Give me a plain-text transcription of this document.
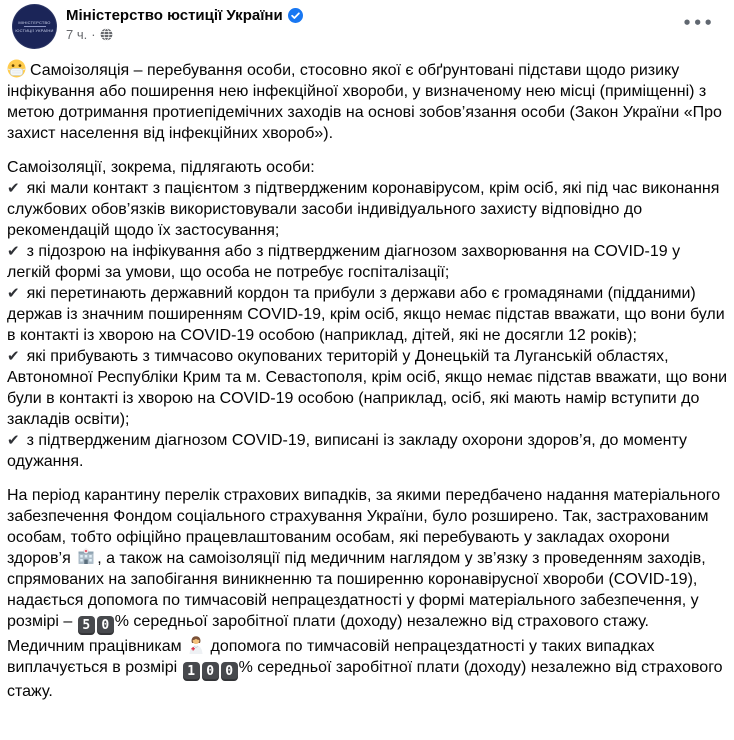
МІНІСТЕРСТВО
ЮСТИЦІЇ УКРАЇНИ
Міністерство юстиції України
7 ч. ·
•••

Самоізоляція – перебування особи, стосовно якої є обґрунтовані підстави щодо ризику інфікування або поширення нею інфекційної хвороби, у визначеному нею місці (приміщенні) з метою дотримання протиепідемічних заходів на основі зобов’язання особи (Закон України «Про захист населення від інфекційних хвороб»).

Самоізоляції, зокрема, підлягають особи:

✔ які мали контакт з пацієнтом з підтвердженим коронавірусом, крім осіб, які під час виконання службових обов’язків використовували засоби індивідуального захисту відповідно до рекомендацій щодо їх застосування;
✔ з підозрою на інфікування або з підтвердженим діагнозом захворювання на COVID-19 у легкій формі за умови, що особа не потребує госпіталізації;
✔ які перетинають державний кордон та прибули з держави або є громадянами (підданими) держав із значним поширенням COVID-19, крім осіб, якщо немає підстав вважати, що вони були в контакті із хворою на COVID-19 особою (наприклад, дітей, які не досягли 12 років);
✔ які прибувають з тимчасово окупованих територій у Донецькій та Луганській областях, Автономної Республіки Крим та м. Севастополя, крім осіб, якщо немає підстав вважати, що вони були в контакті із хворою на COVID-19 особою (наприклад, осіб, які мають намір вступити до закладів освіти);
✔ з підтвердженим діагнозом COVID-19, виписані із закладу охорони здоров’я, до моменту одужання.

На період карантину перелік страхових випадків, за якими передбачено надання матеріального забезпечення Фондом соціального страхування України, було розширено. Так, застрахованим особам, тобто офіційно працевлаштованим особам, які перебувають у закладах охорони здоров’я , а також на самоізоляції під медичним наглядом у зв’язку з проведенням заходів, спрямованих на запобігання виникненню та поширенню коронавірусної хвороби (COVID-19), надається допомога по тимчасовій непрацездатності у формі матеріального забезпечення, у розмірі – 5 0 % середньої заробітної плати (доходу) незалежно від страхового стажу. Медичним працівникам  допомога по тимчасовій непрацездатності у таких випадках виплачується в розмірі 1 0 0 % середньої заробітної плати (доходу) незалежно від страхового стажу.
